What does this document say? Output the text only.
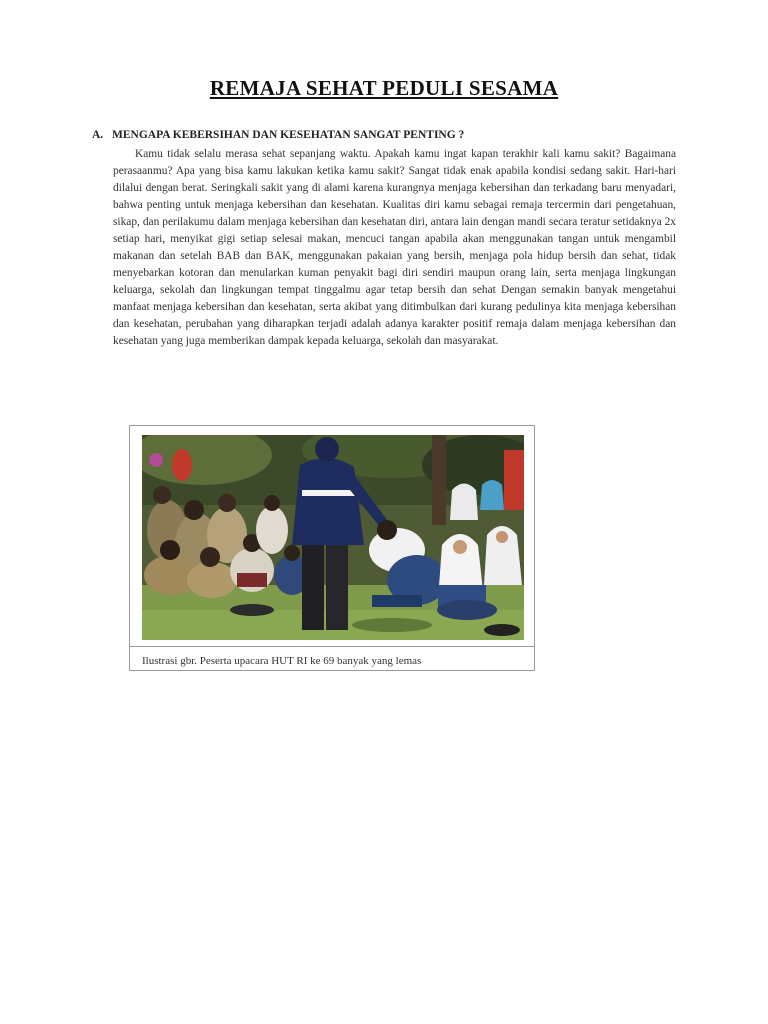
REMAJA SEHAT PEDULI SESAMA
A. MENGAPA KEBERSIHAN DAN KESEHATAN SANGAT PENTING ?

Kamu tidak selalu merasa sehat sepanjang waktu. Apakah kamu ingat kapan terakhir kali kamu sakit? Bagaimana perasaanmu? Apa yang bisa kamu lakukan ketika kamu sakit? Sangat tidak enak apabila kondisi sedang sakit. Hari-hari dilalui dengan berat. Seringkali sakit yang di alami karena kurangnya menjaga kebersihan dan terkadang baru menyadari, bahwa penting untuk menjaga kebersihan dan kesehatan. Kualitas diri kamu sebagai remaja tercermin dari pengetahuan, sikap, dan perilakumu dalam menjaga kebersihan dan kesehatan diri, antara lain dengan mandi secara teratur setidaknya 2x setiap hari, menyikat gigi setiap selesai makan, mencuci tangan apabila akan menggunakan tangan untuk mengambil makanan dan setelah BAB dan BAK, menggunakan pakaian yang bersih, menjaga pola hidup bersih dan sehat, tidak menyebarkan kotoran dan menularkan kuman penyakit bagi diri sendiri maupun orang lain, serta menjaga lingkungan keluarga, sekolah dan lingkungan tempat tinggalmu agar tetap bersih dan sehat Dengan semakin banyak mengetahui manfaat menjaga kebersihan dan kesehatan, serta akibat yang ditimbulkan dari kurang pedulinya kita menjaga kebersihan dan kesehatan, perubahan yang diharapkan terjadi adalah adanya karakter positif remaja dalam menjaga kebersihan dan kesehatan yang juga memberikan dampak kepada keluarga, sekolah dan masyarakat.

Ilustrasi gbr. Peserta upacara HUT RI ke 69 banyak yang lemas
